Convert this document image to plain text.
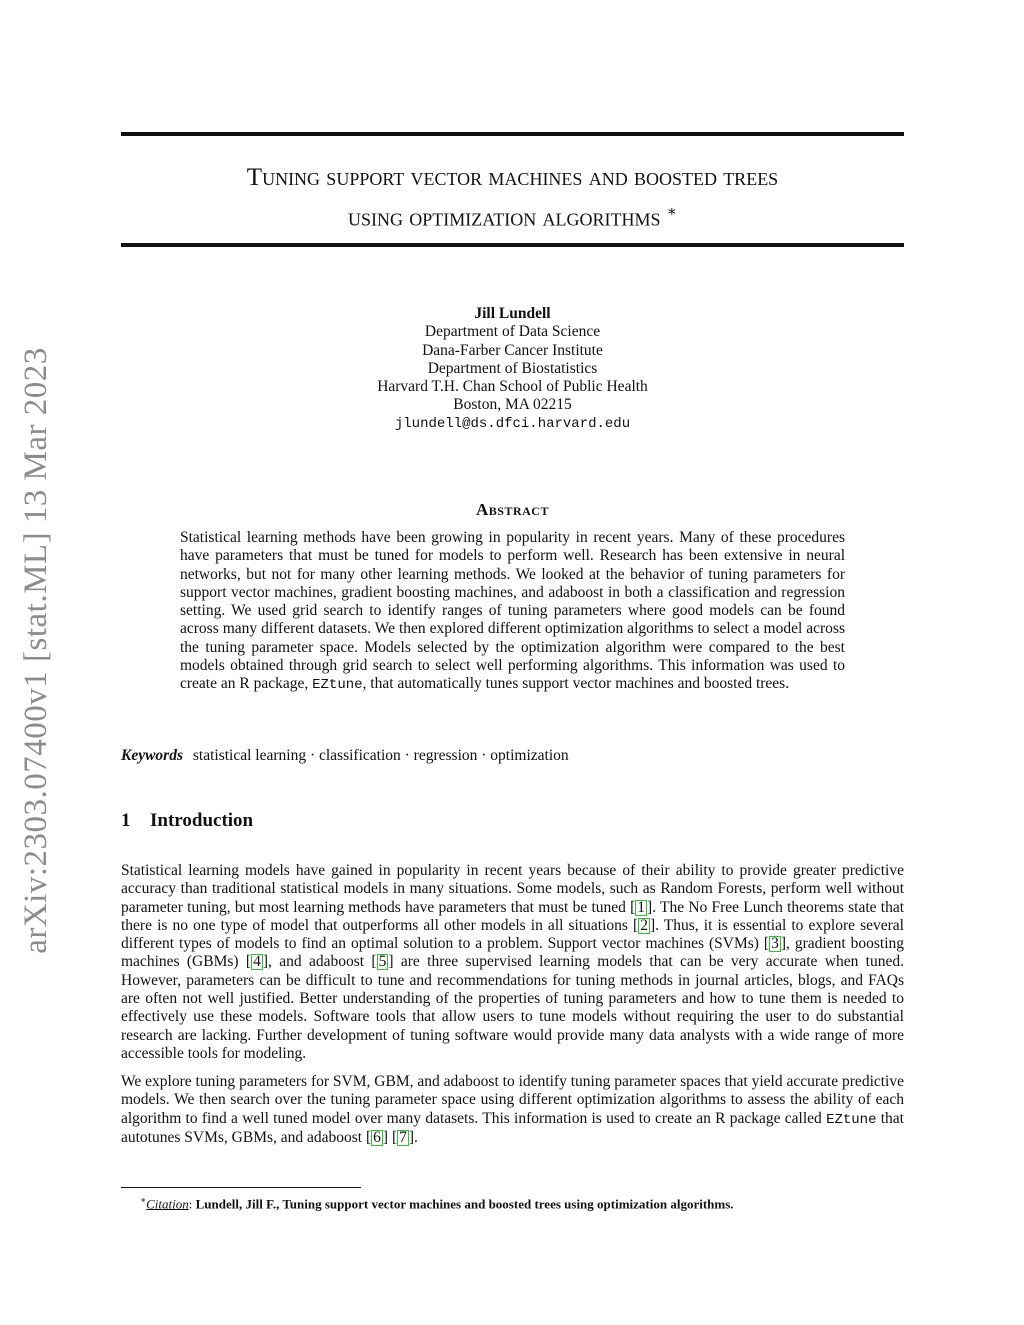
arXiv:2303.07400v1 [stat.ML] 13 Mar 2023
Tuning support vector machines and boosted trees
using optimization algorithms ∗
Jill Lundell
Department of Data Science
Dana-Farber Cancer Institute
Department of Biostatistics
Harvard T.H. Chan School of Public Health
Boston, MA 02215
jlundell@ds.dfci.harvard.edu
Abstract
Statistical learning methods have been growing in popularity in recent years. Many of these procedures have parameters that must be tuned for models to perform well. Research has been extensive in neural networks, but not for many other learning methods. We looked at the behavior of tuning parameters for support vector machines, gradient boosting machines, and adaboost in both a classification and regression setting. We used grid search to identify ranges of tuning parameters where good models can be found across many different datasets. We then explored different optimization algorithms to select a model across the tuning parameter space. Models selected by the optimization algorithm were compared to the best models obtained through grid search to select well performing algorithms. This information was used to create an R package, EZtune, that automatically tunes support vector machines and boosted trees.
Keywords statistical learning · classification · regression · optimization
1 Introduction
Statistical learning models have gained in popularity in recent years because of their ability to provide greater predictive accuracy than traditional statistical models in many situations. Some models, such as Random Forests, perform well without parameter tuning, but most learning methods have parameters that must be tuned [ 1 ]. The No Free Lunch theorems state that there is no one type of model that outperforms all other models in all situations [ 2 ]. Thus, it is essential to explore several different types of models to find an optimal solution to a problem. Support vector machines (SVMs) [ 3 ], gradient boosting machines (GBMs) [ 4 ], and adaboost [ 5 ] are three supervised learning models that can be very accurate when tuned. However, parameters can be difficult to tune and recommendations for tuning methods in journal articles, blogs, and FAQs are often not well justified. Better understanding of the properties of tuning parameters and how to tune them is needed to effectively use these models. Software tools that allow users to tune models without requiring the user to do substantial research are lacking. Further development of tuning software would provide many data analysts with a wide range of more accessible tools for modeling.
We explore tuning parameters for SVM, GBM, and adaboost to identify tuning parameter spaces that yield accurate predictive models. We then search over the tuning parameter space using different optimization algorithms to assess the ability of each algorithm to find a well tuned model over many datasets. This information is used to create an R package called EZtune that autotunes SVMs, GBMs, and adaboost [ 6 ] [ 7 ].
∗Citation: Lundell, Jill F., Tuning support vector machines and boosted trees using optimization algorithms.
